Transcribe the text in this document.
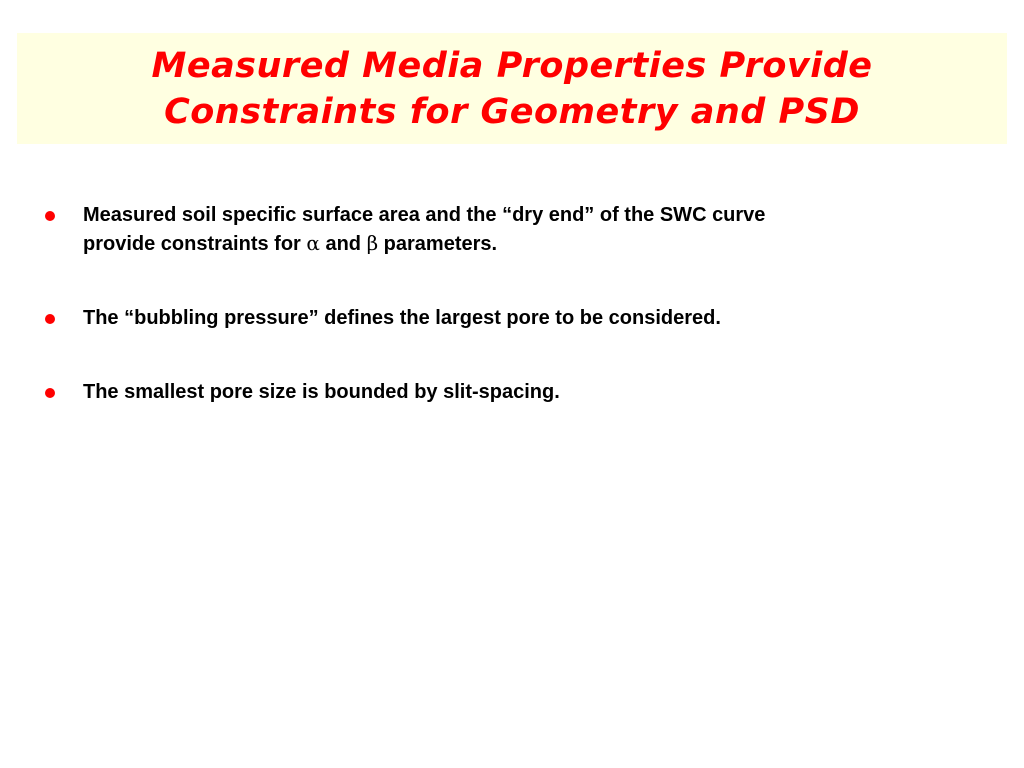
Measured Media Properties Provide
Constraints for Geometry and PSD
Measured soil specific surface area and the “dry end” of the SWC curve
provide constraints for α and β parameters.
The “bubbling pressure” defines the largest pore to be considered.
The smallest pore size is bounded by slit-spacing.
